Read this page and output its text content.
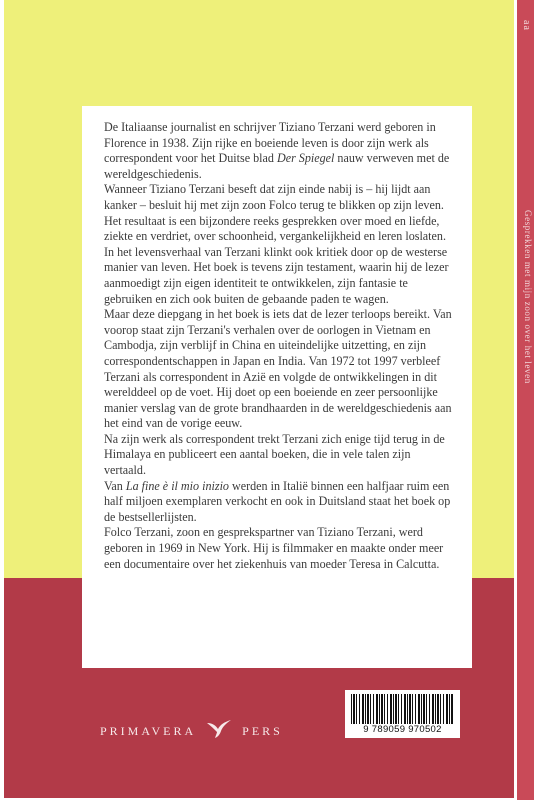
aa
Gesprekken met mijn zoon over het leven

De Italiaanse journalist en schrijver Tiziano Terzani werd geboren in Florence in 1938. Zijn rijke en boeiende leven is door zijn werk als correspondent voor het Duitse blad Der Spiegel nauw verweven met de wereldgeschiedenis.

Wanneer Tiziano Terzani beseft dat zijn einde nabij is – hij lijdt aan kanker – besluit hij met zijn zoon Folco terug te blikken op zijn leven. Het resultaat is een bijzondere reeks gesprekken over moed en liefde, ziekte en verdriet, over schoonheid, vergankelijkheid en leren loslaten. In het levensverhaal van Terzani klinkt ook kritiek door op de westerse manier van leven. Het boek is tevens zijn testament, waarin hij de lezer aanmoedigt zijn eigen identiteit te ontwikkelen, zijn fantasie te gebruiken en zich ook buiten de gebaande paden te wagen.

Maar deze diepgang in het boek is iets dat de lezer terloops bereikt. Van voorop staat zijn Terzani's verhalen over de oorlogen in Vietnam en Cambodja, zijn verblijf in China en uiteindelijke uitzetting, en zijn correspondentschappen in Japan en India. Van 1972 tot 1997 verbleef Terzani als correspondent in Azië en volgde de ontwikkelingen in dit werelddeel op de voet. Hij doet op een boeiende en zeer persoonlijke manier verslag van de grote brandhaarden in de wereldgeschiedenis aan het eind van de vorige eeuw.

Na zijn werk als correspondent trekt Terzani zich enige tijd terug in de Himalaya en publiceert een aantal boeken, die in vele talen zijn vertaald.

Van La fine è il mio inizio werden in Italië binnen een halfjaar ruim een half miljoen exemplaren verkocht en ook in Duitsland staat het boek op de bestsellerlijsten.

Folco Terzani, zoon en gesprekspartner van Tiziano Terzani, werd geboren in 1969 in New York. Hij is filmmaker en maakte onder meer een documentaire over het ziekenhuis van moeder Teresa in Calcutta.

PRIMAVERA	PERS	9 789059 970502
